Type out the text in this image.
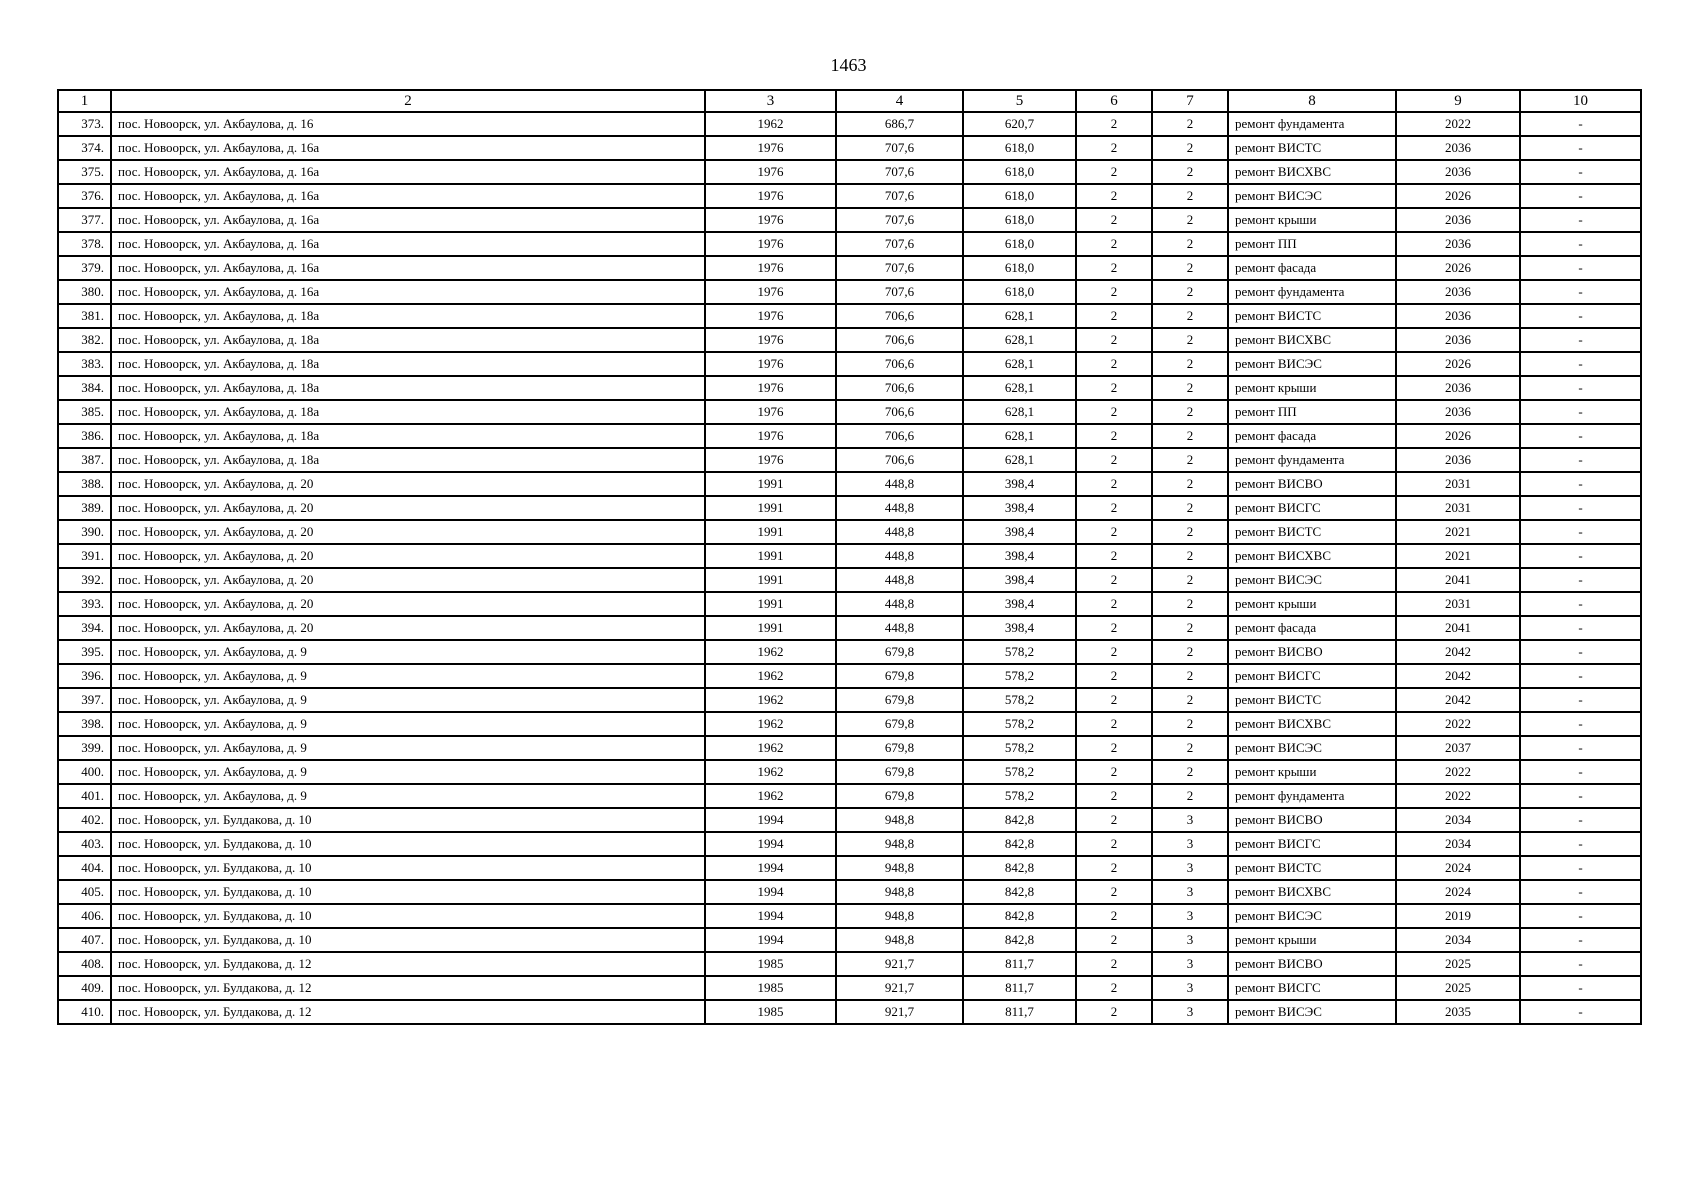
1463
1	2	3	4	5	6	7	8	9	10
373.	пос. Новоорск, ул. Акбаулова, д. 16	1962	686,7	620,7	2	2	ремонт фундамента	2022	-
374.	пос. Новоорск, ул. Акбаулова, д. 16а	1976	707,6	618,0	2	2	ремонт ВИСТС	2036	-
375.	пос. Новоорск, ул. Акбаулова, д. 16а	1976	707,6	618,0	2	2	ремонт ВИСХВС	2036	-
376.	пос. Новоорск, ул. Акбаулова, д. 16а	1976	707,6	618,0	2	2	ремонт ВИСЭС	2026	-
377.	пос. Новоорск, ул. Акбаулова, д. 16а	1976	707,6	618,0	2	2	ремонт крыши	2036	-
378.	пос. Новоорск, ул. Акбаулова, д. 16а	1976	707,6	618,0	2	2	ремонт ПП	2036	-
379.	пос. Новоорск, ул. Акбаулова, д. 16а	1976	707,6	618,0	2	2	ремонт фасада	2026	-
380.	пос. Новоорск, ул. Акбаулова, д. 16а	1976	707,6	618,0	2	2	ремонт фундамента	2036	-
381.	пос. Новоорск, ул. Акбаулова, д. 18а	1976	706,6	628,1	2	2	ремонт ВИСТС	2036	-
382.	пос. Новоорск, ул. Акбаулова, д. 18а	1976	706,6	628,1	2	2	ремонт ВИСХВС	2036	-
383.	пос. Новоорск, ул. Акбаулова, д. 18а	1976	706,6	628,1	2	2	ремонт ВИСЭС	2026	-
384.	пос. Новоорск, ул. Акбаулова, д. 18а	1976	706,6	628,1	2	2	ремонт крыши	2036	-
385.	пос. Новоорск, ул. Акбаулова, д. 18а	1976	706,6	628,1	2	2	ремонт ПП	2036	-
386.	пос. Новоорск, ул. Акбаулова, д. 18а	1976	706,6	628,1	2	2	ремонт фасада	2026	-
387.	пос. Новоорск, ул. Акбаулова, д. 18а	1976	706,6	628,1	2	2	ремонт фундамента	2036	-
388.	пос. Новоорск, ул. Акбаулова, д. 20	1991	448,8	398,4	2	2	ремонт ВИСВО	2031	-
389.	пос. Новоорск, ул. Акбаулова, д. 20	1991	448,8	398,4	2	2	ремонт ВИСГС	2031	-
390.	пос. Новоорск, ул. Акбаулова, д. 20	1991	448,8	398,4	2	2	ремонт ВИСТС	2021	-
391.	пос. Новоорск, ул. Акбаулова, д. 20	1991	448,8	398,4	2	2	ремонт ВИСХВС	2021	-
392.	пос. Новоорск, ул. Акбаулова, д. 20	1991	448,8	398,4	2	2	ремонт ВИСЭС	2041	-
393.	пос. Новоорск, ул. Акбаулова, д. 20	1991	448,8	398,4	2	2	ремонт крыши	2031	-
394.	пос. Новоорск, ул. Акбаулова, д. 20	1991	448,8	398,4	2	2	ремонт фасада	2041	-
395.	пос. Новоорск, ул. Акбаулова, д. 9	1962	679,8	578,2	2	2	ремонт ВИСВО	2042	-
396.	пос. Новоорск, ул. Акбаулова, д. 9	1962	679,8	578,2	2	2	ремонт ВИСГС	2042	-
397.	пос. Новоорск, ул. Акбаулова, д. 9	1962	679,8	578,2	2	2	ремонт ВИСТС	2042	-
398.	пос. Новоорск, ул. Акбаулова, д. 9	1962	679,8	578,2	2	2	ремонт ВИСХВС	2022	-
399.	пос. Новоорск, ул. Акбаулова, д. 9	1962	679,8	578,2	2	2	ремонт ВИСЭС	2037	-
400.	пос. Новоорск, ул. Акбаулова, д. 9	1962	679,8	578,2	2	2	ремонт крыши	2022	-
401.	пос. Новоорск, ул. Акбаулова, д. 9	1962	679,8	578,2	2	2	ремонт фундамента	2022	-
402.	пос. Новоорск, ул. Булдакова, д. 10	1994	948,8	842,8	2	3	ремонт ВИСВО	2034	-
403.	пос. Новоорск, ул. Булдакова, д. 10	1994	948,8	842,8	2	3	ремонт ВИСГС	2034	-
404.	пос. Новоорск, ул. Булдакова, д. 10	1994	948,8	842,8	2	3	ремонт ВИСТС	2024	-
405.	пос. Новоорск, ул. Булдакова, д. 10	1994	948,8	842,8	2	3	ремонт ВИСХВС	2024	-
406.	пос. Новоорск, ул. Булдакова, д. 10	1994	948,8	842,8	2	3	ремонт ВИСЭС	2019	-
407.	пос. Новоорск, ул. Булдакова, д. 10	1994	948,8	842,8	2	3	ремонт крыши	2034	-
408.	пос. Новоорск, ул. Булдакова, д. 12	1985	921,7	811,7	2	3	ремонт ВИСВО	2025	-
409.	пос. Новоорск, ул. Булдакова, д. 12	1985	921,7	811,7	2	3	ремонт ВИСГС	2025	-
410.	пос. Новоорск, ул. Булдакова, д. 12	1985	921,7	811,7	2	3	ремонт ВИСЭС	2035	-
